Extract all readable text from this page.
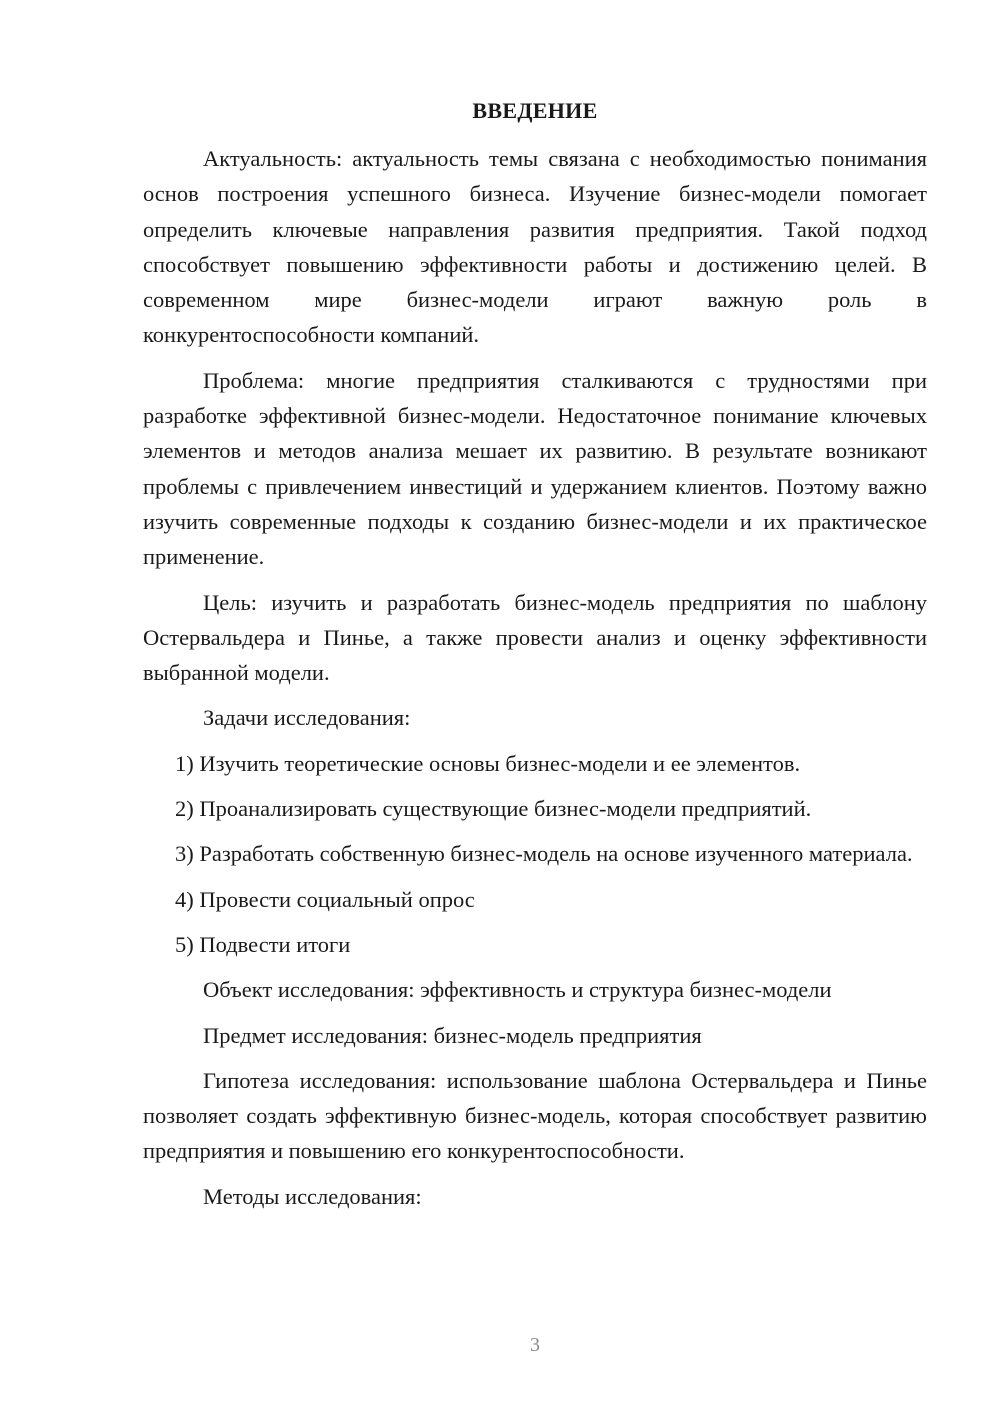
ВВЕДЕНИЕ

Актуальность: актуальность темы связана с необходимостью понимания основ построения успешного бизнеса. Изучение бизнес-модели помогает определить ключевые направления развития предприятия. Такой подход способствует повышению эффективности работы и достижению целей. В современном мире бизнес-модели играют важную роль в конкурентоспособности компаний.

Проблема: многие предприятия сталкиваются с трудностями при разработке эффективной бизнес-модели. Недостаточное понимание ключевых элементов и методов анализа мешает их развитию. В результате возникают проблемы с привлечением инвестиций и удержанием клиентов. Поэтому важно изучить современные подходы к созданию бизнес-модели и их практическое применение.

Цель: изучить и разработать бизнес-модель предприятия по шаблону Остервальдера и Пинье, а также провести анализ и оценку эффективности выбранной модели.

Задачи исследования:

1) Изучить теоретические основы бизнес-модели и ее элементов.

2) Проанализировать существующие бизнес-модели предприятий.

3) Разработать собственную бизнес-модель на основе изученного материала.

4) Провести социальный опрос

5) Подвести итоги

Объект исследования: эффективность и структура бизнес-модели

Предмет исследования: бизнес-модель предприятия

Гипотеза исследования: использование шаблона Остервальдера и Пинье позволяет создать эффективную бизнес-модель, которая способствует развитию предприятия и повышению его конкурентоспособности.

Методы исследования:

3
